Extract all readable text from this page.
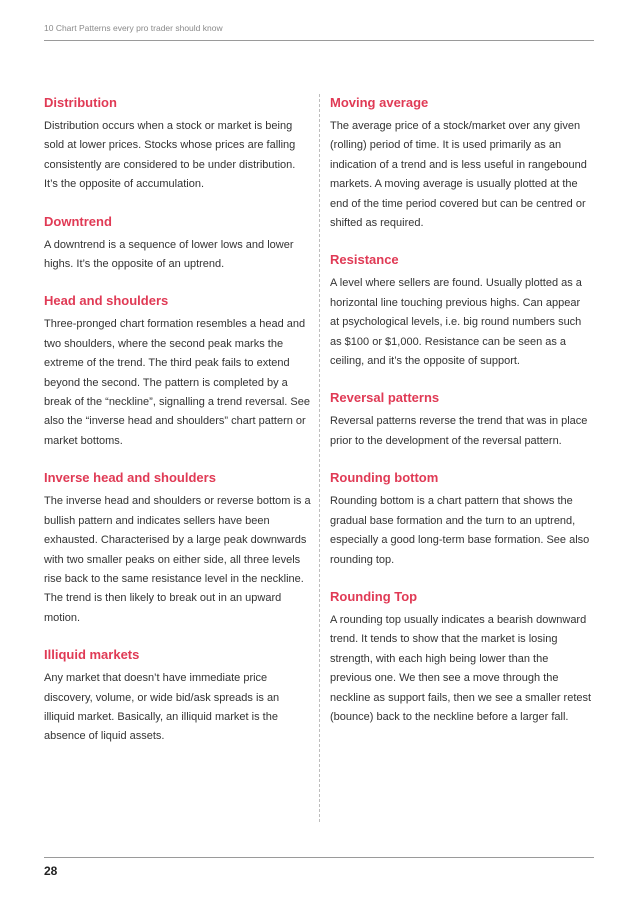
10 Chart Patterns every pro trader should know
Distribution

Distribution occurs when a stock or market is being sold at lower prices. Stocks whose prices are falling consistently are considered to be under distribution. It’s the opposite of accumulation.

Downtrend

A downtrend is a sequence of lower lows and lower highs. It’s the opposite of an uptrend.

Head and shoulders

Three-pronged chart formation resembles a head and two shoulders, where the second peak marks the extreme of the trend. The third peak fails to extend beyond the second. The pattern is completed by a break of the “neckline”, signalling a trend reversal. See also the “inverse head and shoulders” chart pattern or market bottoms.

Inverse head and shoulders

The inverse head and shoulders or reverse bottom is a bullish pattern and indicates sellers have been exhausted. Characterised by a large peak downwards with two smaller peaks on either side, all three levels rise back to the same resistance level in the neckline. The trend is then likely to break out in an upward motion.

Illiquid markets

Any market that doesn’t have immediate price discovery, volume, or wide bid/ask spreads is an illiquid market. Basically, an illiquid market is the absence of liquid assets.

Moving average

The average price of a stock/market over any given (rolling) period of time. It is used primarily as an indication of a trend and is less useful in rangebound markets. A moving average is usually plotted at the end of the time period covered but can be centred or shifted as required.

Resistance

A level where sellers are found. Usually plotted as a horizontal line touching previous highs. Can appear at psychological levels, i.e. big round numbers such as $100 or $1,000. Resistance can be seen as a ceiling, and it’s the opposite of support.

Reversal patterns

Reversal patterns reverse the trend that was in place prior to the development of the reversal pattern.

Rounding bottom

Rounding bottom is a chart pattern that shows the gradual base formation and the turn to an uptrend, especially a good long-term base formation. See also rounding top.

Rounding Top

A rounding top usually indicates a bearish downward trend. It tends to show that the market is losing strength, with each high being lower than the previous one. We then see a move through the neckline as support fails, then we see a smaller retest (bounce) back to the neckline before a larger fall.

28
